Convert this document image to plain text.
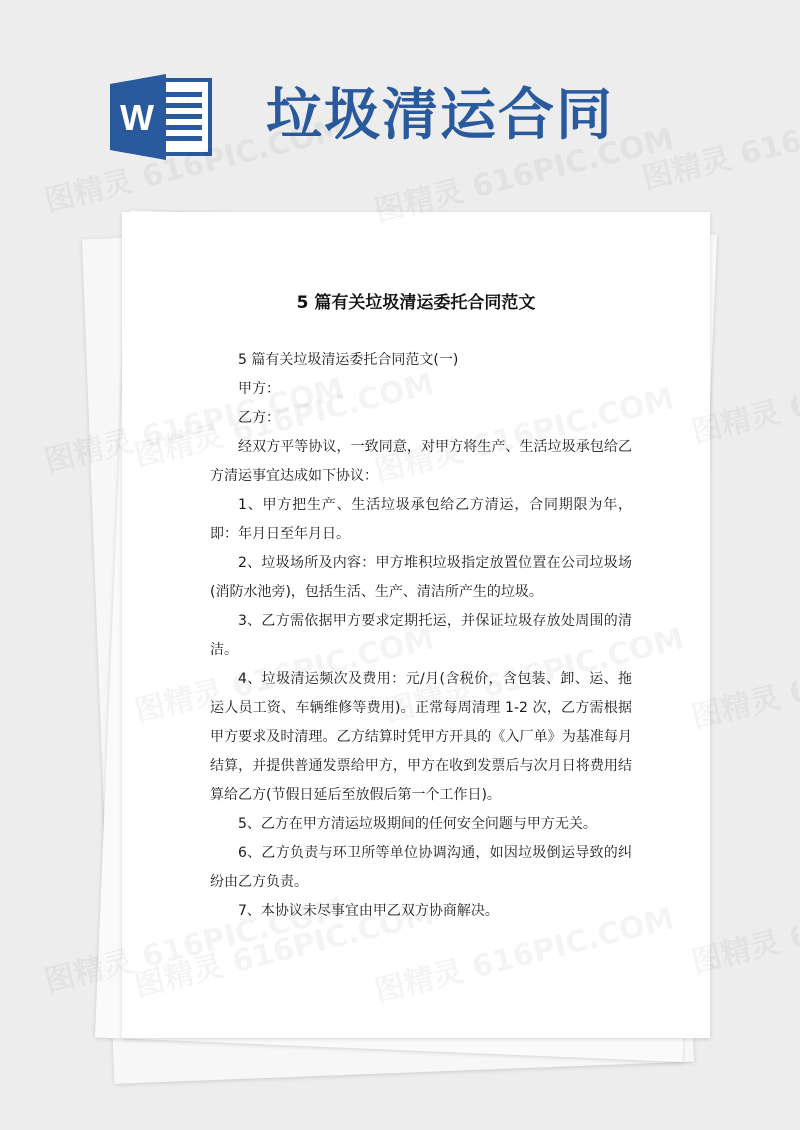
W 垃圾清运合同
5 篇有关垃圾清运委托合同范文

5 篇有关垃圾清运委托合同范文(一)

甲方：

乙方：

经双方平等协议，一致同意，对甲方将生产、生活垃圾承包给乙方清运事宜达成如下协议：

1、甲方把生产、生活垃圾承包给乙方清运，合同期限为年，即：年月日至年月日。

2、垃圾场所及内容：甲方堆积垃圾指定放置位置在公司垃圾场(消防水池旁)，包括生活、生产、清洁所产生的垃圾。

3、乙方需依据甲方要求定期托运，并保证垃圾存放处周围的清洁。

4、垃圾清运频次及费用：元/月(含税价，含包装、卸、运、拖运人员工资、车辆维修等费用)。正常每周清理 1-2 次，乙方需根据甲方要求及时清理。乙方结算时凭甲方开具的《入厂单》为基准每月结算，并提供普通发票给甲方，甲方在收到发票后与次月日将费用结算给乙方(节假日延后至放假后第一个工作日)。

5、乙方在甲方清运垃圾期间的任何安全问题与甲方无关。

6、乙方负责与环卫所等单位协调沟通，如因垃圾倒运导致的纠纷由乙方负责。

7、本协议未尽事宜由甲乙双方协商解决。
